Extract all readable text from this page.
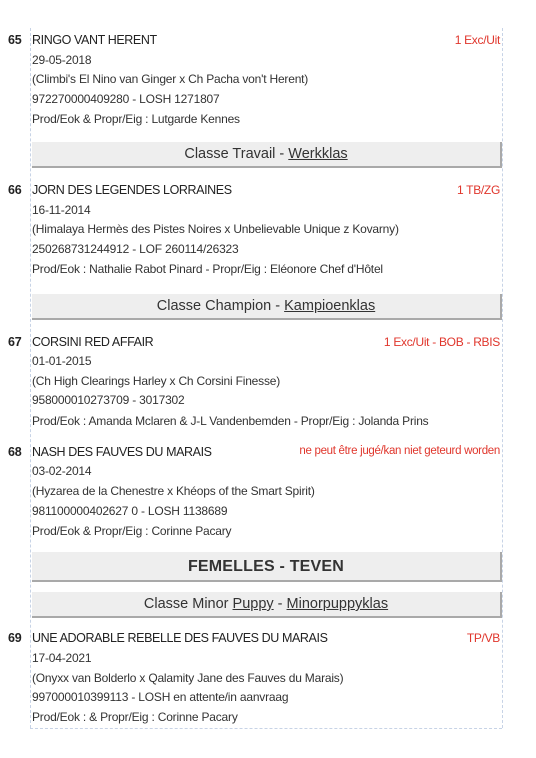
65 RINGO VANT HERENT	1 Exc/Uit
29-05-2018
(Climbi's El Nino van Ginger x Ch Pacha von't Herent)
972270000409280 - LOSH 1271807
Prod/Eok & Propr/Eig : Lutgarde Kennes
Classe Travail - Werkklas
66 JORN DES LEGENDES LORRAINES	1 TB/ZG
16-11-2014
(Himalaya Hermès des Pistes Noires x Unbelievable Unique z Kovarny)
250268731244912 - LOF 260114/26323
Prod/Eok : Nathalie Rabot Pinard - Propr/Eig : Eléonore Chef d'Hôtel
Classe Champion - Kampioenklas
67 CORSINI RED AFFAIR	1 Exc/Uit - BOB - RBIS
01-01-2015
(Ch High Clearings Harley x Ch Corsini Finesse)
958000010273709 - 3017302
Prod/Eok : Amanda Mclaren & J-L Vandenbemden - Propr/Eig : Jolanda Prins
68 NASH DES FAUVES DU MARAIS	ne peut être jugé/kan niet geteurd worden
03-02-2014
(Hyzarea de la Chenestre x Khéops of the Smart Spirit)
981100000402627 0 - LOSH 1138689
Prod/Eok & Propr/Eig : Corinne Pacary
FEMELLES - TEVEN
Classe Minor Puppy - Minorpuppyklas
69 UNE ADORABLE REBELLE DES FAUVES DU MARAIS	TP/VB
17-04-2021
(Onyxx van Bolderlo x Qalamity Jane des Fauves du Marais)
997000010399113 - LOSH en attente/in aanvraag
Prod/Eok : & Propr/Eig : Corinne Pacary
